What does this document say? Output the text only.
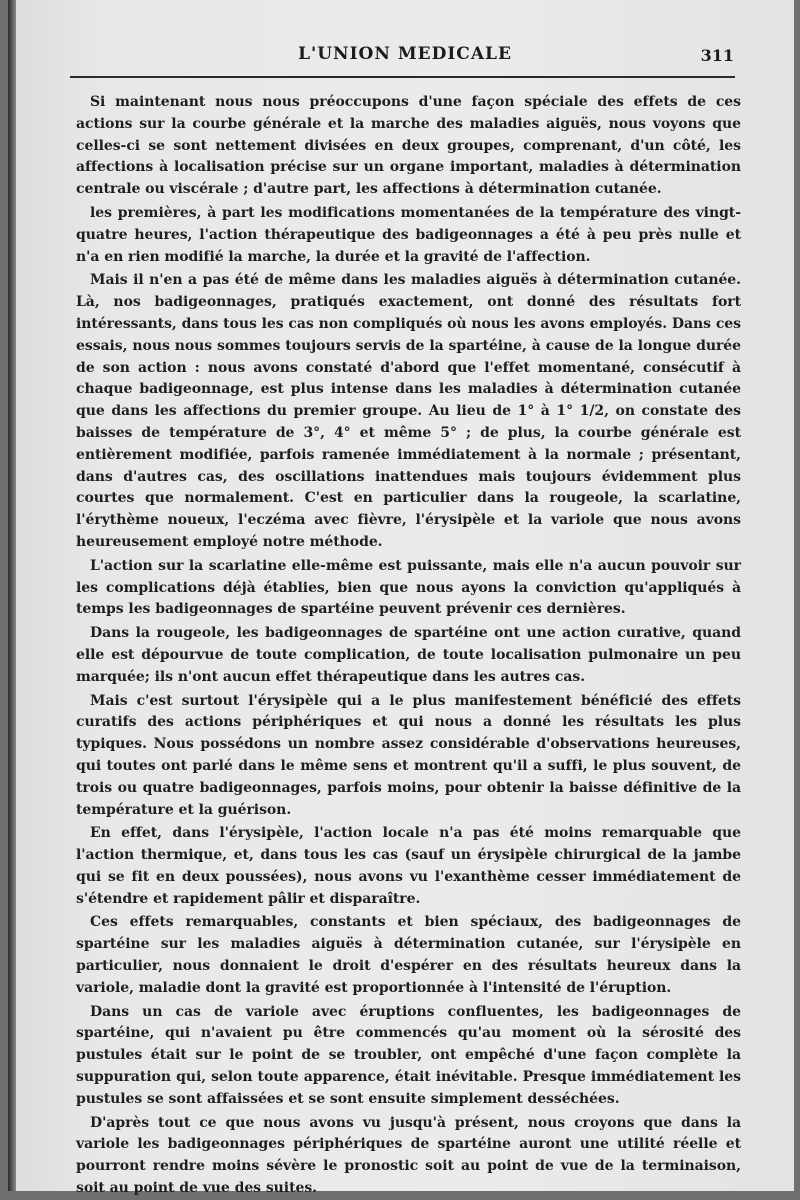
L'UNION MEDICALE	311

Si maintenant nous nous préoccupons d'une façon spéciale des effets de ces actions sur la courbe générale et la marche des maladies aiguës, nous voyons que celles-ci se sont nettement divisées en deux groupes, comprenant, d'un côté, les affections à localisation précise sur un organe important, maladies à détermination centrale ou viscérale ; d'autre part, les affections à détermination cutanée.

les premières, à part les modifications momentanées de la température des vingt-quatre heures, l'action thérapeutique des badigeonnages a été à peu près nulle et n'a en rien modifié la marche, la durée et la gravité de l'affection.

Mais il n'en a pas été de même dans les maladies aiguës à détermination cutanée. Là, nos badigeonnages, pratiqués exactement, ont donné des résultats fort intéressants, dans tous les cas non compliqués où nous les avons employés. Dans ces essais, nous nous sommes toujours servis de la spartéine, à cause de la longue durée de son action : nous avons constaté d'abord que l'effet momentané, consécutif à chaque badigeonnage, est plus intense dans les maladies à détermination cutanée que dans les affections du premier groupe. Au lieu de 1° à 1° 1/2, on constate des baisses de température de 3°, 4° et même 5° ; de plus, la courbe générale est entièrement modifiée, parfois ramenée immédiatement à la normale ; présentant, dans d'autres cas, des oscillations inattendues mais toujours évidemment plus courtes que normalement. C'est en particulier dans la rougeole, la scarlatine, l'érythème noueux, l'eczéma avec fièvre, l'érysipèle et la variole que nous avons heureusement employé notre méthode.

L'action sur la scarlatine elle-même est puissante, mais elle n'a aucun pouvoir sur les complications déjà établies, bien que nous ayons la conviction qu'appliqués à temps les badigeonnages de spartéine peuvent prévenir ces dernières.

Dans la rougeole, les badigeonnages de spartéine ont une action curative, quand elle est dépourvue de toute complication, de toute localisation pulmonaire un peu marquée; ils n'ont aucun effet thérapeutique dans les autres cas.

Mais c'est surtout l'érysipèle qui a le plus manifestement bénéficié des effets curatifs des actions périphériques et qui nous a donné les résultats les plus typiques. Nous possédons un nombre assez considérable d'observations heureuses, qui toutes ont parlé dans le même sens et montrent qu'il a suffi, le plus souvent, de trois ou quatre badigeonnages, parfois moins, pour obtenir la baisse définitive de la température et la guérison.

En effet, dans l'érysipèle, l'action locale n'a pas été moins remarquable que l'action thermique, et, dans tous les cas (sauf un érysipèle chirurgical de la jambe qui se fit en deux poussées), nous avons vu l'exanthème cesser immédiatement de s'étendre et rapidement pâlir et disparaître.

Ces effets remarquables, constants et bien spéciaux, des badigeonnages de spartéine sur les maladies aiguës à détermination cutanée, sur l'érysipèle en particulier, nous donnaient le droit d'espérer en des résultats heureux dans la variole, maladie dont la gravité est proportionnée à l'intensité de l'éruption.

Dans un cas de variole avec éruptions confluentes, les badigeonnages de spartéine, qui n'avaient pu être commencés qu'au moment où la sérosité des pustules était sur le point de se troubler, ont empêché d'une façon complète la suppuration qui, selon toute apparence, était inévitable. Presque immédiatement les pustules se sont affaissées et se sont ensuite simplement desséchées.

D'après tout ce que nous avons vu jusqu'à présent, nous croyons que dans la variole les badigeonnages périphériques de spartéine auront une utilité réelle et pourront rendre moins sévère le pronostic soit au point de vue de la terminaison, soit au point de vue des suites.
